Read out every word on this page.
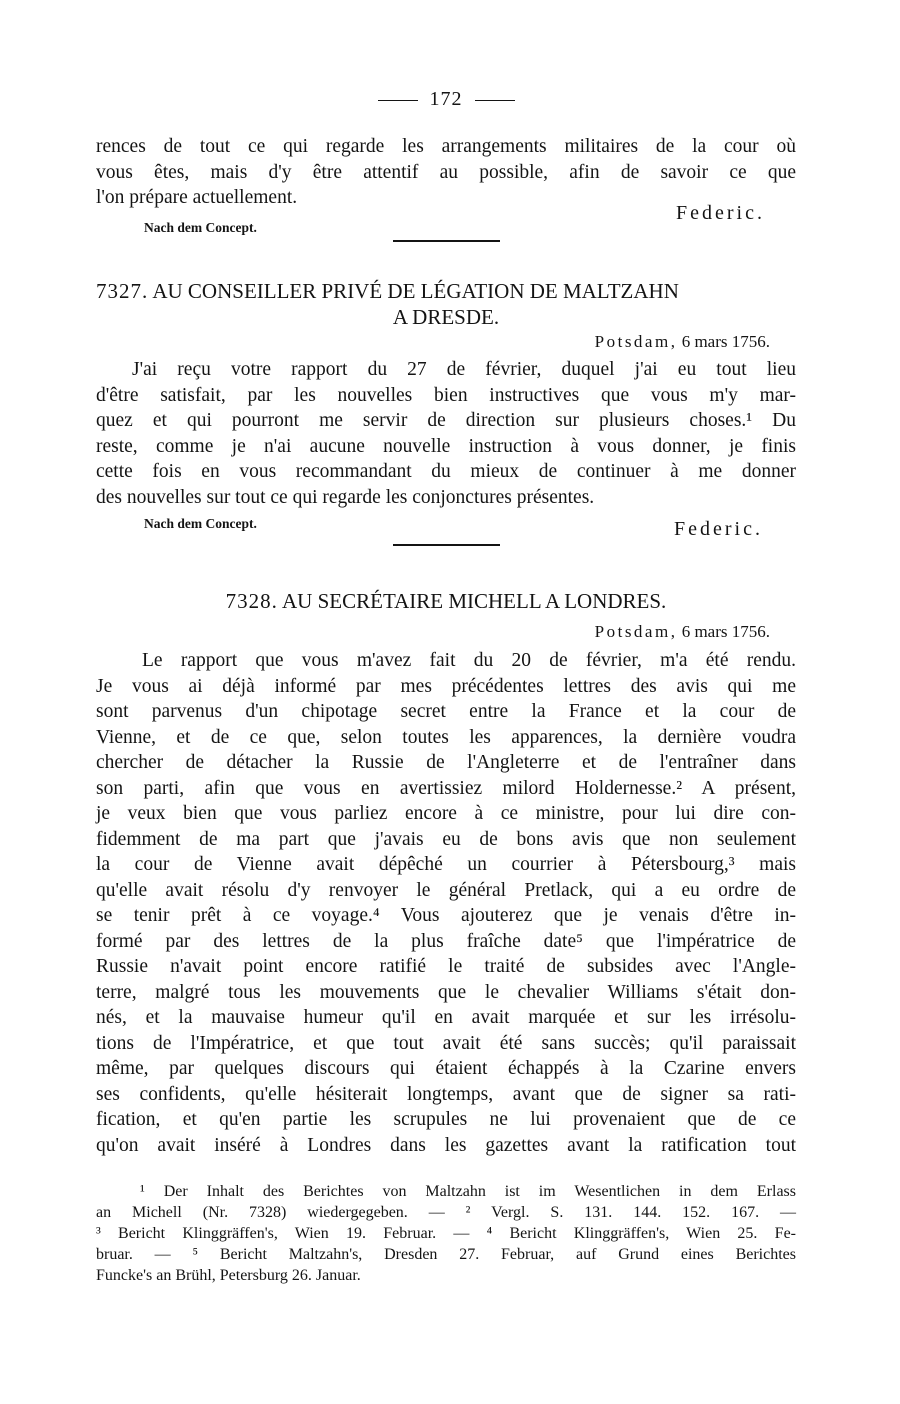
172
rences de tout ce qui regarde les arrangements militaires de la cour où
vous êtes, mais d'y être attentif au possible, afin de savoir ce que
l'on prépare actuellement.
Federic.
Nach dem Concept.
7327. AU CONSEILLER PRIVÉ DE LÉGATION DE MALTZAHN
A DRESDE.
Potsdam, 6 mars 1756.
J'ai reçu votre rapport du 27 de février, duquel j'ai eu tout lieu
d'être satisfait, par les nouvelles bien instructives que vous m'y mar-
quez et qui pourront me servir de direction sur plusieurs choses.¹ Du
reste, comme je n'ai aucune nouvelle instruction à vous donner, je finis
cette fois en vous recommandant du mieux de continuer à me donner
des nouvelles sur tout ce qui regarde les conjonctures présentes.
Nach dem Concept.	Federic.
7328. AU SECRÉTAIRE MICHELL A LONDRES.
Potsdam, 6 mars 1756.
Le rapport que vous m'avez fait du 20 de février, m'a été rendu.
Je vous ai déjà informé par mes précédentes lettres des avis qui me
sont parvenus d'un chipotage secret entre la France et la cour de
Vienne, et de ce que, selon toutes les apparences, la dernière voudra
chercher de détacher la Russie de l'Angleterre et de l'entraîner dans
son parti, afin que vous en avertissiez milord Holdernesse.² A présent,
je veux bien que vous parliez encore à ce ministre, pour lui dire con-
fidemment de ma part que j'avais eu de bons avis que non seulement
la cour de Vienne avait dépêché un courrier à Pétersbourg,³ mais
qu'elle avait résolu d'y renvoyer le général Pretlack, qui a eu ordre de
se tenir prêt à ce voyage.⁴ Vous ajouterez que je venais d'être in-
formé par des lettres de la plus fraîche date⁵ que l'impératrice de
Russie n'avait point encore ratifié le traité de subsides avec l'Angle-
terre, malgré tous les mouvements que le chevalier Williams s'était don-
nés, et la mauvaise humeur qu'il en avait marquée et sur les irrésolu-
tions de l'Impératrice, et que tout avait été sans succès; qu'il paraissait
même, par quelques discours qui étaient échappés à la Czarine envers
ses confidents, qu'elle hésiterait longtemps, avant que de signer sa rati-
fication, et qu'en partie les scrupules ne lui provenaient que de ce
qu'on avait inséré à Londres dans les gazettes avant la ratification tout
¹ Der Inhalt des Berichtes von Maltzahn ist im Wesentlichen in dem Erlass
an Michell (Nr. 7328) wiedergegeben. — ² Vergl. S. 131. 144. 152. 167. —
³ Bericht Klinggräffen's, Wien 19. Februar. — ⁴ Bericht Klinggräffen's, Wien 25. Fe-
bruar. — ⁵ Bericht Maltzahn's, Dresden 27. Februar, auf Grund eines Berichtes
Funcke's an Brühl, Petersburg 26. Januar.
